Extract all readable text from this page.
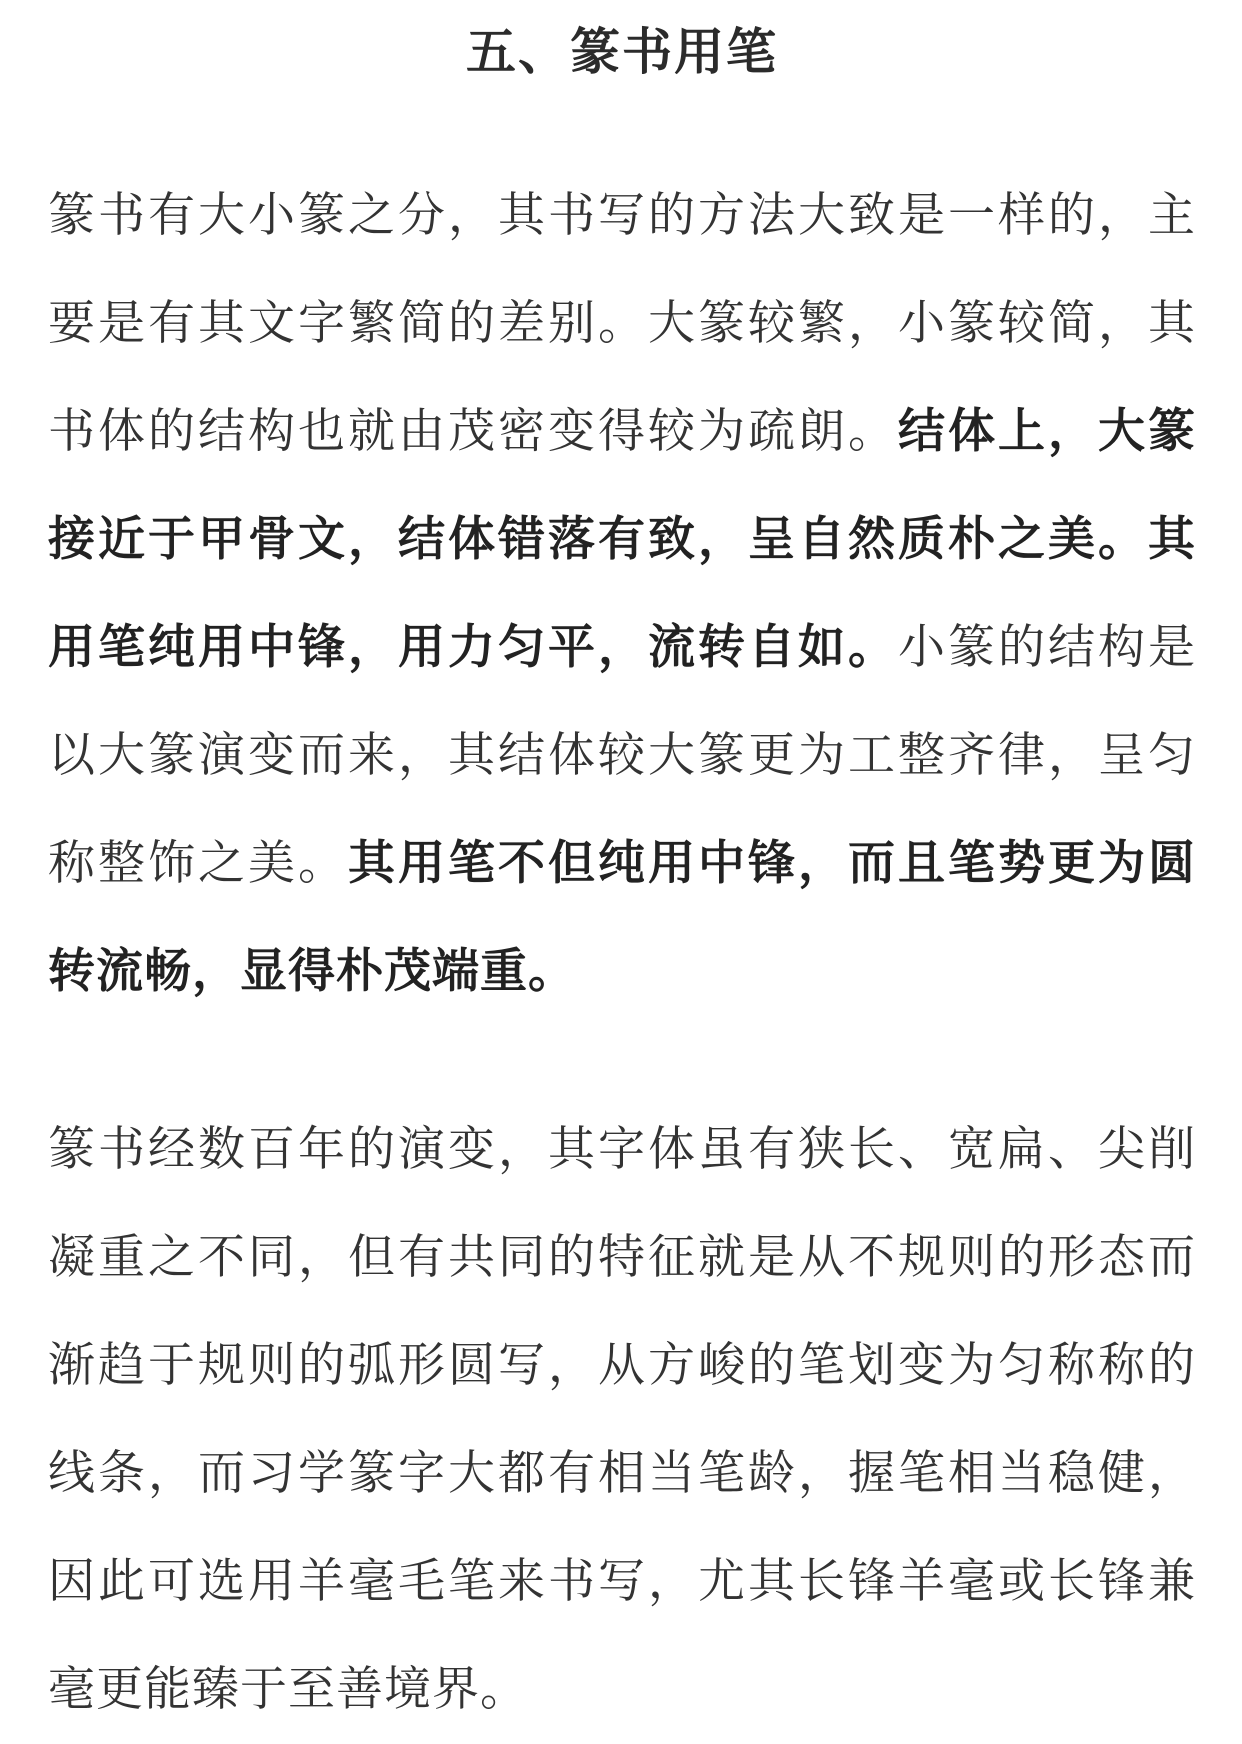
五、篆书用笔

篆书有大小篆之分，其书写的方法大致是一样的，主要是有其文字繁简的差别。大篆较繁，小篆较简，其书体的结构也就由茂密变得较为疏朗。结体上，大篆接近于甲骨文，结体错落有致，呈自然质朴之美。其用笔纯用中锋，用力匀平，流转自如。小篆的结构是以大篆演变而来，其结体较大篆更为工整齐律，呈匀称整饰之美。其用笔不但纯用中锋，而且笔势更为圆转流畅，显得朴茂端重。

篆书经数百年的演变，其字体虽有狭长、宽扁、尖削凝重之不同，但有共同的特征就是从不规则的形态而渐趋于规则的弧形圆写，从方峻的笔划变为匀称称的线条，而习学篆字大都有相当笔龄，握笔相当稳健，因此可选用羊毫毛笔来书写，尤其长锋羊毫或长锋兼毫更能臻于至善境界。
